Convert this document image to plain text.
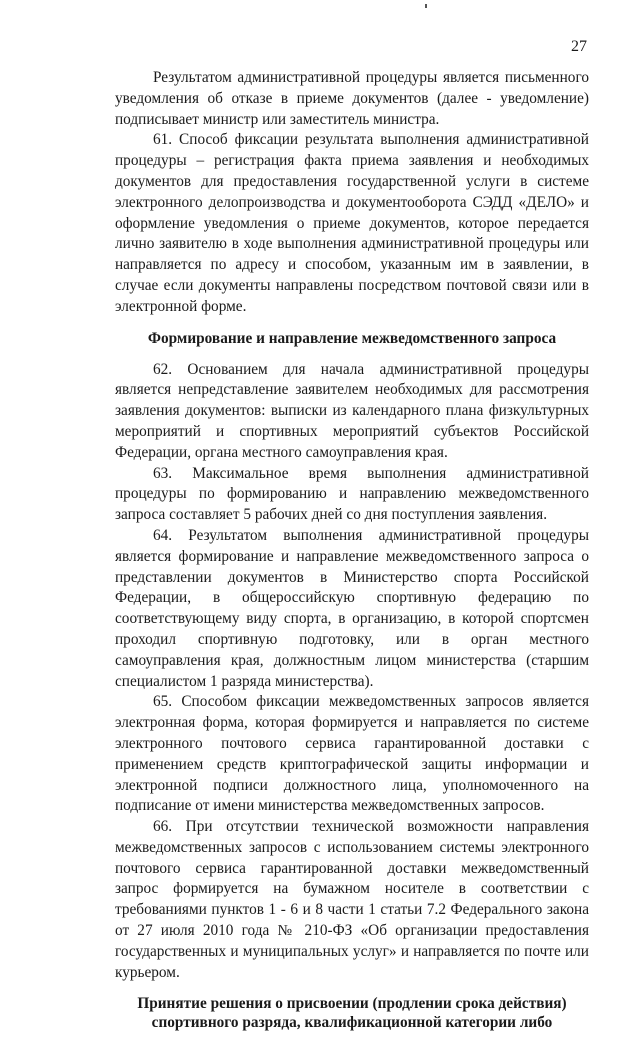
27

Результатом административной процедуры является письменного уведомления об отказе в приеме документов (далее - уведомление) подписывает министр или заместитель министра.

61. Способ фиксации результата выполнения административной процедуры – регистрация факта приема заявления и необходимых документов для предоставления государственной услуги в системе электронного делопроизводства и документооборота СЭДД «ДЕЛО» и оформление уведомления о приеме документов, которое передается лично заявителю в ходе выполнения административной процедуры или направляется по адресу и способом, указанным им в заявлении, в случае если документы направлены посредством почтовой связи или в электронной форме.

Формирование и направление межведомственного запроса

62. Основанием для начала административной процедуры является непредставление заявителем необходимых для рассмотрения заявления документов: выписки из календарного плана физкультурных мероприятий и спортивных мероприятий субъектов Российской Федерации, органа местного самоуправления края.

63. Максимальное время выполнения административной процедуры по формированию и направлению межведомственного запроса составляет 5 рабочих дней со дня поступления заявления.

64. Результатом выполнения административной процедуры является формирование и направление межведомственного запроса о представлении документов в Министерство спорта Российской Федерации, в общероссийскую спортивную федерацию по соответствующему виду спорта, в организацию, в которой спортсмен проходил спортивную подготовку, или в орган местного самоуправления края, должностным лицом министерства (старшим специалистом 1 разряда министерства).

65. Способом фиксации межведомственных запросов является электронная форма, которая формируется и направляется по системе электронного почтового сервиса гарантированной доставки с применением средств криптографической защиты информации и электронной подписи должностного лица, уполномоченного на подписание от имени министерства межведомственных запросов.

66. При отсутствии технической возможности направления межведомственных запросов с использованием системы электронного почтового сервиса гарантированной доставки межведомственный запрос формируется на бумажном носителе в соответствии с требованиями пунктов 1 - 6 и 8 части 1 статьи 7.2 Федерального закона от 27 июля 2010 года № 210-ФЗ «Об организации предоставления государственных и муниципальных услуг» и направляется по почте или курьером.

Принятие решения о присвоении (продлении срока действия) спортивного разряда, квалификационной категории либо
